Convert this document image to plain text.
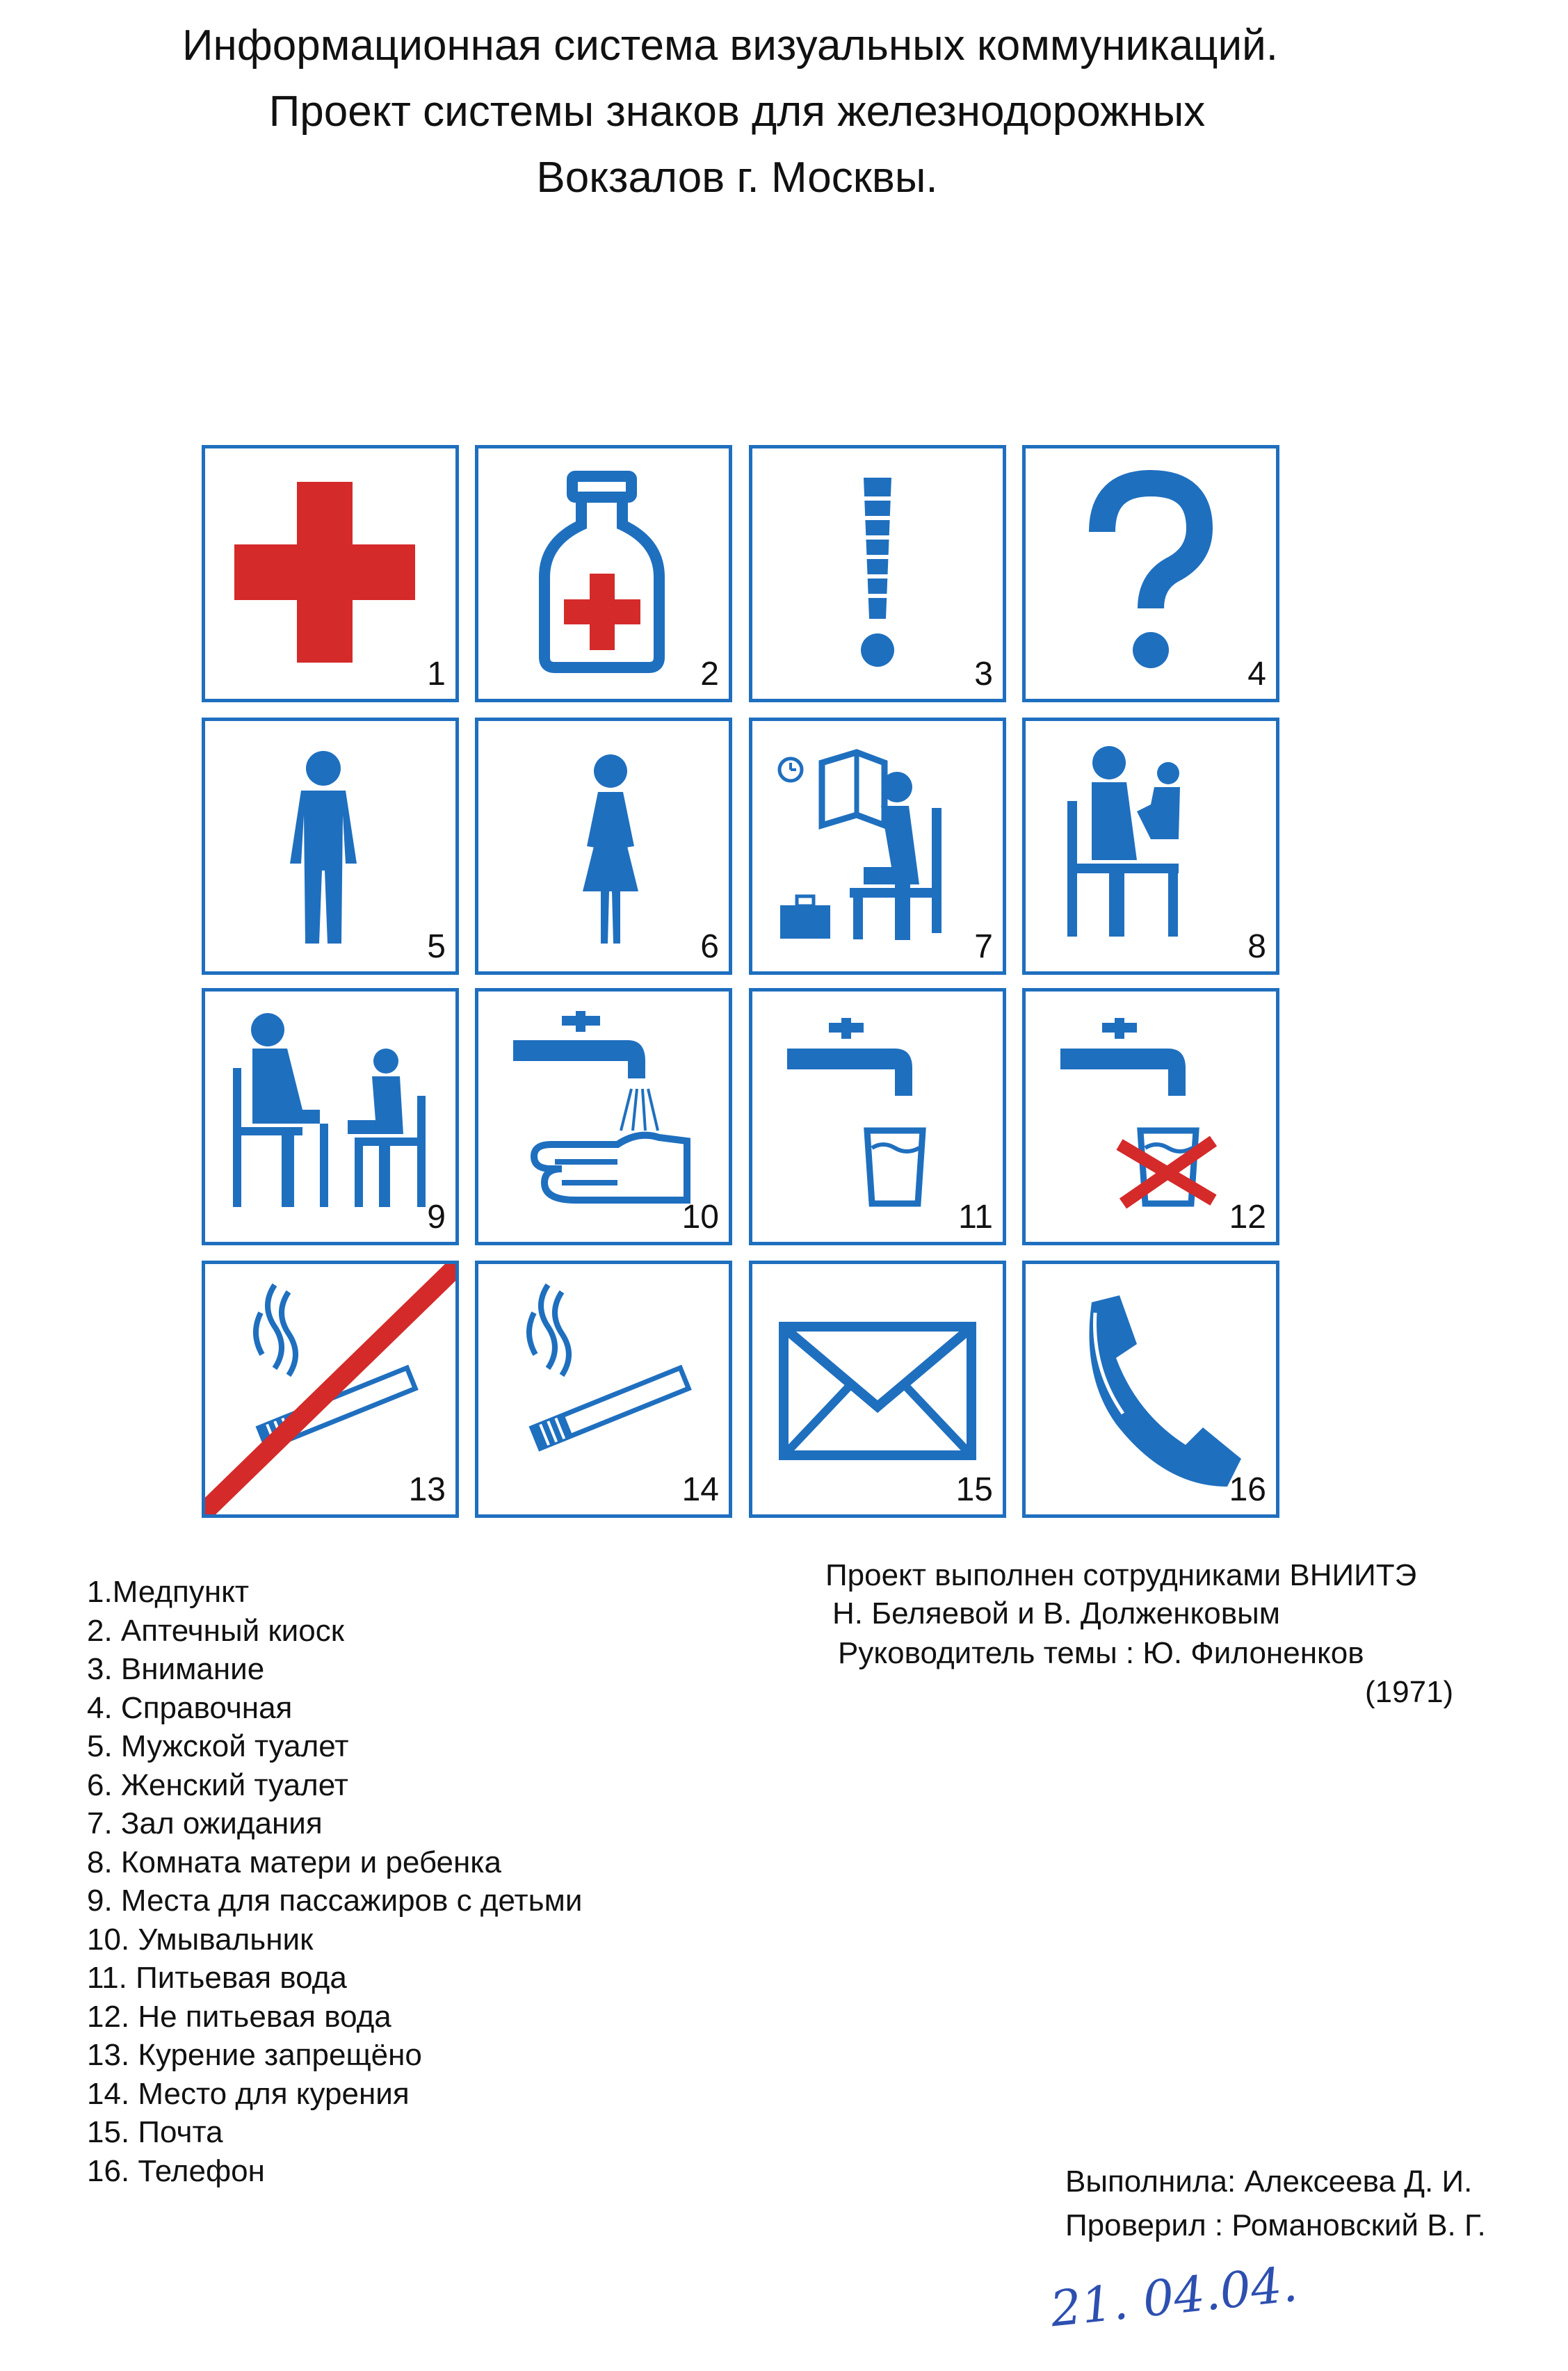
Информационная система визуальных коммуникаций.
Проект системы знаков для железнодорожных
Вокзалов г. Москвы.
1	2	3	4
5	6	7	8
9	10	11	12
13	14	15	16
1.Медпункт
2. Аптечный киоск
3. Внимание
4. Справочная
5. Мужской туалет
6. Женский туалет
7. Зал ожидания
8. Комната матери и ребенка
9. Места для пассажиров с детьми
10. Умывальник
11. Питьевая вода
12. Не питьевая вода
13. Курение запрещёно
14. Место для курения
15. Почта
16. Телефон
Проект выполнен сотрудниками ВНИИТЭ
Н. Беляевой и В. Долженковым
Руководитель темы : Ю. Филоненков
(1971)
Выполнила: Алексеева Д. И.
Проверил : Романовский В. Г.
21. 04.04.
